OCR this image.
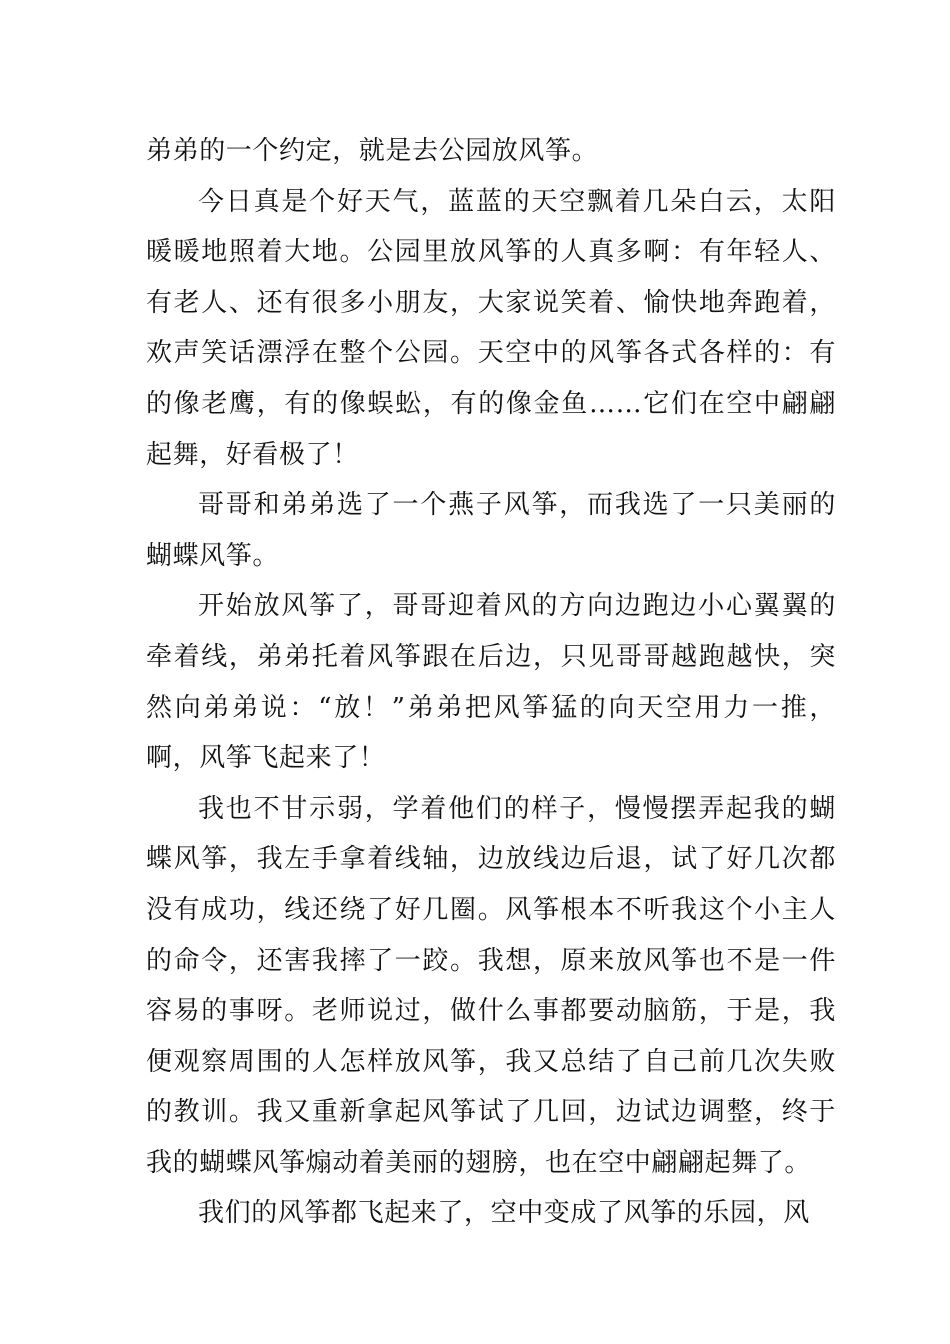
弟弟的一个约定，就是去公园放风筝。

今日真是个好天气，蓝蓝的天空飘着几朵白云，太阳暖暖地照着大地。公园里放风筝的人真多啊：有年轻人、有老人、还有很多小朋友，大家说笑着、愉快地奔跑着，欢声笑话漂浮在整个公园。天空中的风筝各式各样的：有的像老鹰，有的像蜈蚣，有的像金鱼……它们在空中翩翩起舞，好看极了！

哥哥和弟弟选了一个燕子风筝，而我选了一只美丽的蝴蝶风筝。

开始放风筝了，哥哥迎着风的方向边跑边小心翼翼的牵着线，弟弟托着风筝跟在后边，只见哥哥越跑越快，突然向弟弟说：“放！”弟弟把风筝猛的向天空用力一推，啊，风筝飞起来了！

我也不甘示弱，学着他们的样子，慢慢摆弄起我的蝴蝶风筝，我左手拿着线轴，边放线边后退，试了好几次都没有成功，线还绕了好几圈。风筝根本不听我这个小主人的命令，还害我摔了一跤。我想，原来放风筝也不是一件容易的事呀。老师说过，做什么事都要动脑筋，于是，我便观察周围的人怎样放风筝，我又总结了自己前几次失败的教训。我又重新拿起风筝试了几回，边试边调整，终于我的蝴蝶风筝煽动着美丽的翅膀，也在空中翩翩起舞了。

我们的风筝都飞起来了，空中变成了风筝的乐园，风
